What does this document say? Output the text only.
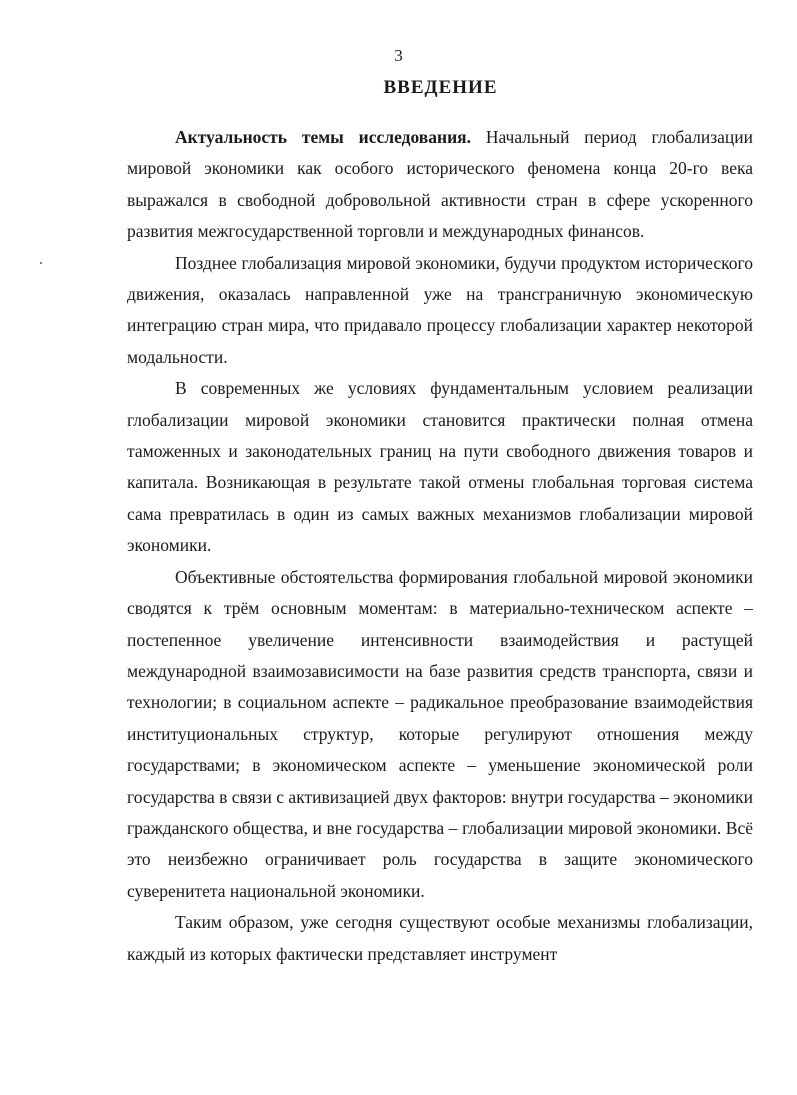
3
ВВЕДЕНИЕ

Актуальность темы исследования. Начальный период глобализации мировой экономики как особого исторического феномена конца 20-го века выражался в свободной добровольной активности стран в сфере ускоренного развития межгосударственной торговли и международных финансов.

Позднее глобализация мировой экономики, будучи продуктом исторического движения, оказалась направленной уже на трансграничную экономическую интеграцию стран мира, что придавало процессу глобализации характер некоторой модальности.

В современных же условиях фундаментальным условием реализации глобализации мировой экономики становится практически полная отмена таможенных и законодательных границ на пути свободного движения товаров и капитала. Возникающая в результате такой отмены глобальная торговая система сама превратилась в один из самых важных механизмов глобализации мировой экономики.

Объективные обстоятельства формирования глобальной мировой экономики сводятся к трём основным моментам: в материально-техническом аспекте – постепенное увеличение интенсивности взаимодействия и растущей международной взаимозависимости на базе развития средств транспорта, связи и технологии; в социальном аспекте – радикальное преобразование взаимодействия институциональных структур, которые регулируют отношения между государствами; в экономическом аспекте – уменьшение экономической роли государства в связи с активизацией двух факторов: внутри государства – экономики гражданского общества, и вне государства – глобализации мировой экономики. Всё это неизбежно ограничивает роль государства в защите экономического суверенитета национальной экономики.

Таким образом, уже сегодня существуют особые механизмы глобализации, каждый из которых фактически представляет инструмент
